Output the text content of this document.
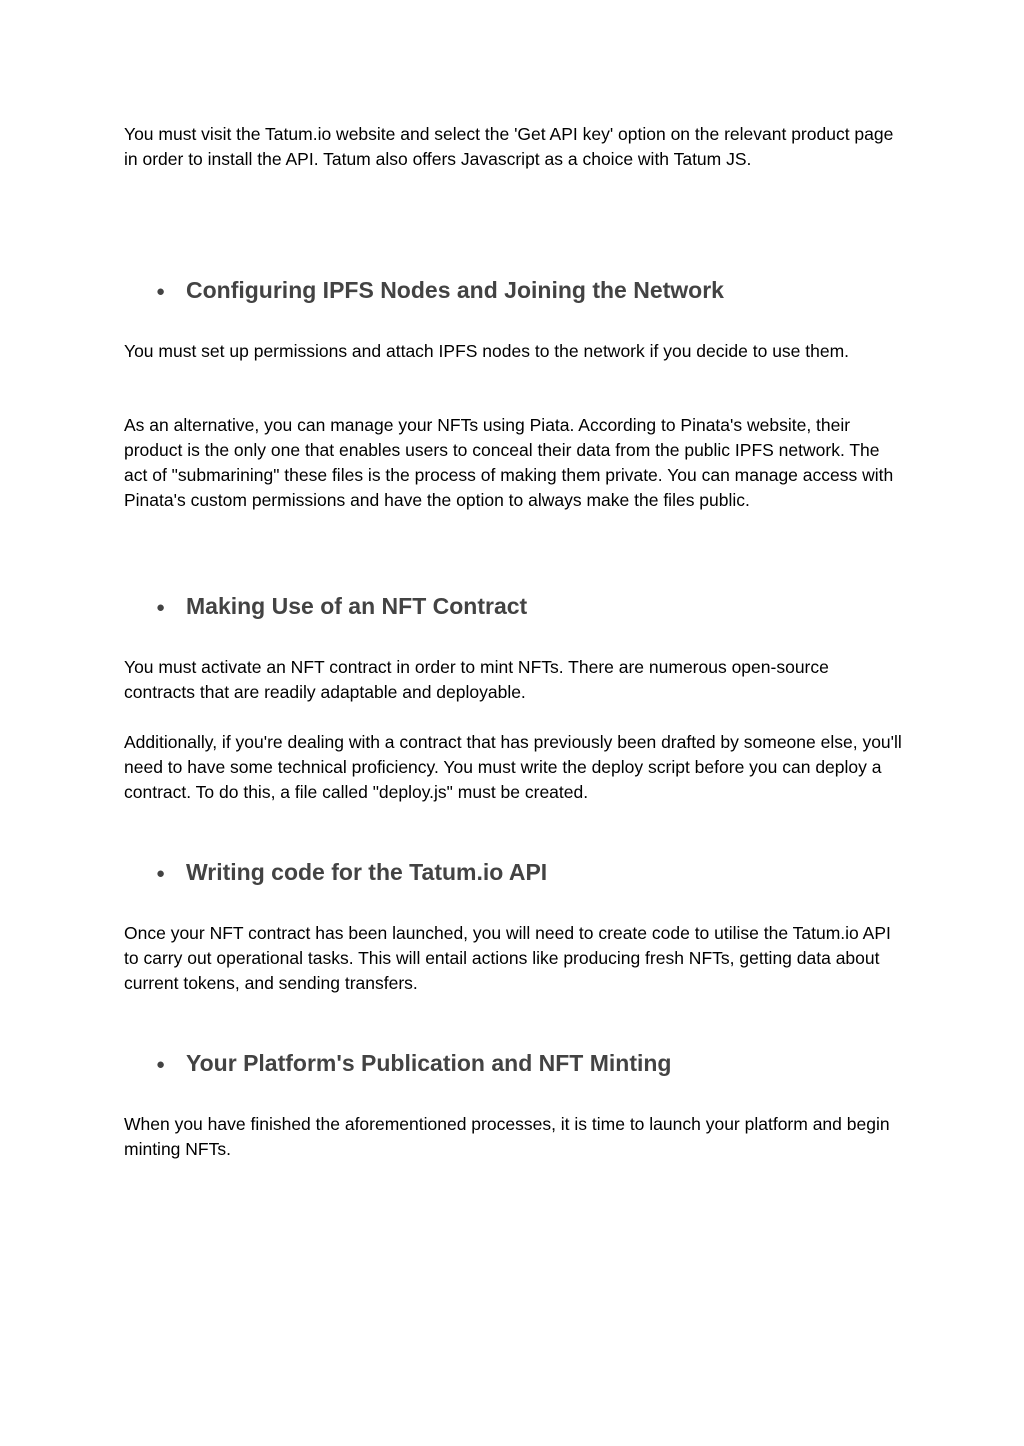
You must visit the Tatum.io website and select the 'Get API key' option on the relevant product page in order to install the API. Tatum also offers Javascript as a choice with Tatum JS.

● Configuring IPFS Nodes and Joining the Network

You must set up permissions and attach IPFS nodes to the network if you decide to use them.

As an alternative, you can manage your NFTs using Piata. According to Pinata's website, their product is the only one that enables users to conceal their data from the public IPFS network. The act of "submarining" these files is the process of making them private. You can manage access with Pinata's custom permissions and have the option to always make the files public.

● Making Use of an NFT Contract

You must activate an NFT contract in order to mint NFTs. There are numerous open-source contracts that are readily adaptable and deployable.

Additionally, if you're dealing with a contract that has previously been drafted by someone else, you'll need to have some technical proficiency. You must write the deploy script before you can deploy a contract. To do this, a file called "deploy.js" must be created.

● Writing code for the Tatum.io API

Once your NFT contract has been launched, you will need to create code to utilise the Tatum.io API to carry out operational tasks. This will entail actions like producing fresh NFTs, getting data about current tokens, and sending transfers.

● Your Platform's Publication and NFT Minting

When you have finished the aforementioned processes, it is time to launch your platform and begin minting NFTs.
